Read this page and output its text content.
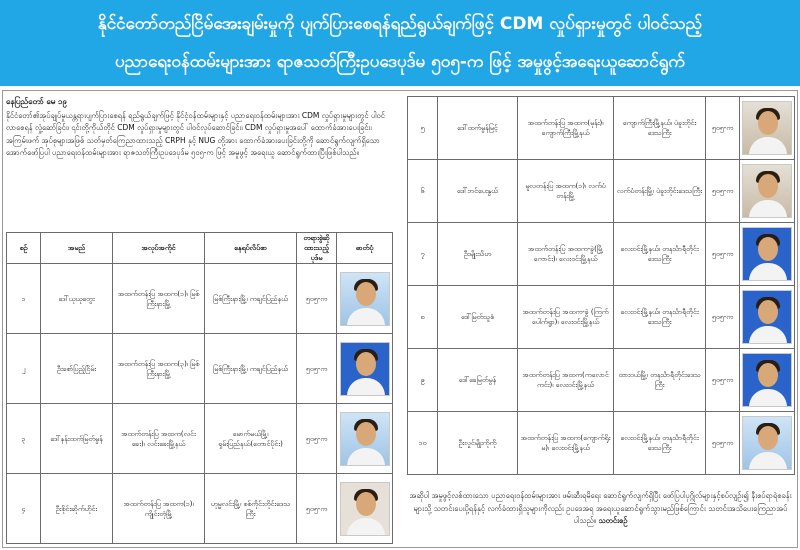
နိုင်ငံတော်တည်ငြိမ်အေးချမ်းမှုကို ပျက်ပြားစေရန်ရည်ရွယ်ချက်ဖြင့် CDM လှုပ်ရှားမှုတွင် ပါဝင်သည့်
ပညာရေးဝန်ထမ်းများအား ရာဇသတ်ကြီးဥပဒေပုဒ်မ ၅၀၅-က ဖြင့် အမှုဖွင့်အရေးယူဆောင်ရွက်
နေပြည်တော် မေ ၁၉
နိုင်ငံတော်၏အုပ်ချုပ်မှုယန္တရားပျက်ပြားစေရန် ရည်ရွယ်ချက်ဖြင့် နိုင်ငံ့ဝန်ထမ်းများနှင့် ပညာရေးဝန်ထမ်းများအား CDM လှုပ်ရှားမှုများတွင် ပါဝင်လာစေရန် လှုံ့ဆော်ခြင်း၊ ၎င်းတို့ကိုယ်တိုင် CDM လှုပ်ရှားမှုများတွင် ပါဝင်လုပ်ဆောင်ခြင်း၊ CDM လှုပ်ရှားမှုအပေါ် ထောက်ခံအားပေးခြင်း၊ အကြမ်းဖက် အုပ်စုများအဖြစ် သတ်မှတ်ကြေညာထားသည့် CRPH နှင့် NUG တို့အား ထောက်ခံအားပေးခြင်းတို့ကို ဆောင်ရွက်လျက်ရှိသော အောက်ဖော်ပြပါ ပညာရေးဝန်ထမ်းများအား ရာဇသတ်ကြီးဥပဒေပုဒ်မ ၅၀၅-က ဖြင့် အမှုဖွင့် အရေးယူ ဆောင်ရွက်ထားပြီးဖြစ်ပါသည်။
စဉ်	အမည်	အလုပ်အကိုင်	နေရပ်လိပ်စာ	တရားစွဲဆိုထားသည့်ပုဒ်မ	ဓာတ်ပုံ
၁	ဒေါ်ယုယုတွေး	အထက်တန်းပြ အထက(၁)၊ မြစ်ကြီးနားမြို့	မြစ်ကြီးနားမြို့၊ ကချင်ပြည်နယ်	၅၀၅-က	

၂	ဦးစော်ပြည့်ငြိမ်း	အထက်တန်းပြ အထက(၃)၊ မြစ်ကြီးနားမြို့	မြစ်ကြီးနားမြို့၊ ကချင်ပြည်နယ်	၅၀၅-က	

၃	ဒေါ်နန်းထက်မြတ်မွန်	အထက်တန်းပြ အထက(လင်းခေး)၊ လင်းခေးမြို့နယ်	မောက်မယ်မြို့၊ ရှမ်းပြည်နယ်(တောင်ပိုင်း)	၅၀၅-က	

၄	ဦးစိုင်းဆိုက်ဟိုင်း	အထက်တန်းပြ အထက(၁)၊ ကျိုင်းတုံမြို့	ဟုမ္မလင်းမြို့၊ စစ်ကိုင်းတိုင်းဒေသကြီး	၅၀၅-က	
၅	ဒေါ်ထက်မွန်မြင့်	အထက်တန်းပြ အထက(မုန်း)၊ ကျောက်ကြီးမြို့နယ်	ကျောက်ကြီးမြို့နယ်၊ ပဲခူးတိုင်းဒေသကြီး	၅၀၅-က	

၆	ဒေါ်ဘင်ပေးနွယ်	မူလတန်းပြ အထက(၁)၊ လက်ပံတန်းမြို့	လက်ပံတန်းမြို့၊ ပဲခူးတိုင်းဒေသကြီး	၅၀၅-က	

၇	ဦးမျိုးသိဟ	အထက်တန်းပြ အထက-ခွဲ(မြို့ကောင်း)၊ လေးဝင်းမြို့နယ်	လေးဝင်းမြို့နယ်၊ တနင်္သာရီတိုင်းဒေသကြီး	၅၀၅-က	

၈	ဒေါ်မြတ်သူစံ	အထက်တန်းပြ အထက-ခွဲ (ကြက်ပေါက်ရွာ)၊ လေးဝင်းမြို့နယ်	လေးဝင်းမြို့နယ်၊ တနင်္သာရီတိုင်းဒေသကြီး	၅၀၅-က	

၉	ဒေါ်ခေမြတ်မွန်	အထက်တန်းပြ အထက(ကလောင်ကင်း)၊ လေးဝင်းမြို့နယ်	ထားဝယ်မြို့၊ တနင်္သာရီတိုင်းဒေသကြီး	၅၀၅-က	

၁၀	ဦးလှုင်မျိုးကိုကို	အထက်တန်းပြ အထက(ကျောက်ရိုးမ)၊ လေးဝင်းမြို့နယ်	လေးဝင်းမြို့နယ်၊ တနင်္သာရီတိုင်းဒေသကြီး	၅၀၅-က	
အဆိုပါ အမှုဖွင့်လစ်ထားသော ပညာရေးဝန်ထမ်းများအား ဖမ်းဆီးရမိရေး ဆောင်ရွက်လျက်ရှိပြီး ဖော်ပြပါပုဂ္ဂိုလ်များနှင့်စပ်လျဉ်း၍ နီးစပ်ရာရဲစခန်းများသို့ သတင်းပေးပို့ရန်နှင့် လက်ခံထားရှိသူများကိုလည်း ဥပဒေအရ အရေးယူဆောင်ရွက်သွားမည်ဖြစ်ကြောင်း သတင်းအသိပေးကြေညာအပ်ပါသည်။ သတင်းစဉ်
